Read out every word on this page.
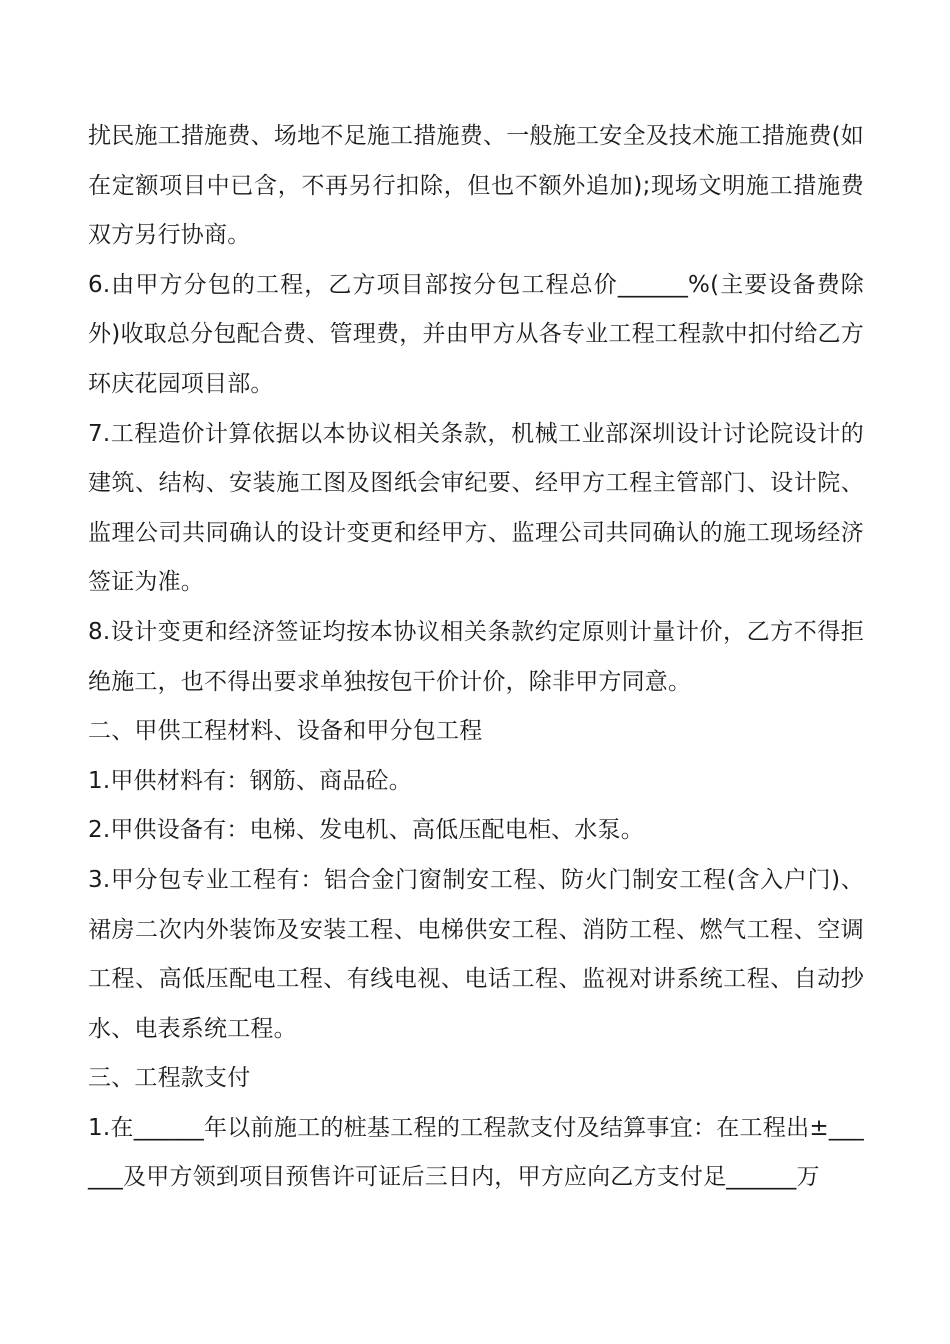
扰民施工措施费、场地不足施工措施费、一般施工安全及技术施工措施费(如在定额项目中已含，不再另行扣除，但也不额外追加);现场文明施工措施费双方另行协商。

6.由甲方分包的工程，乙方项目部按分包工程总价______%(主要设备费除外)收取总分包配合费、管理费，并由甲方从各专业工程工程款中扣付给乙方环庆花园项目部。

7.工程造价计算依据以本协议相关条款，机械工业部深圳设计讨论院设计的建筑、结构、安装施工图及图纸会审纪要、经甲方工程主管部门、设计院、监理公司共同确认的设计变更和经甲方、监理公司共同确认的施工现场经济签证为准。

8.设计变更和经济签证均按本协议相关条款约定原则计量计价，乙方不得拒绝施工，也不得出要求单独按包干价计价，除非甲方同意。

二、甲供工程材料、设备和甲分包工程

1.甲供材料有：钢筋、商品砼。

2.甲供设备有：电梯、发电机、高低压配电柜、水泵。

3.甲分包专业工程有：铝合金门窗制安工程、防火门制安工程(含入户门)、裙房二次内外装饰及安装工程、电梯供安工程、消防工程、燃气工程、空调工程、高低压配电工程、有线电视、电话工程、监视对讲系统工程、自动抄水、电表系统工程。

三、工程款支付

1.在______年以前施工的桩基工程的工程款支付及结算事宜：在工程出±______及甲方领到项目预售许可证后三日内，甲方应向乙方支付足______万
